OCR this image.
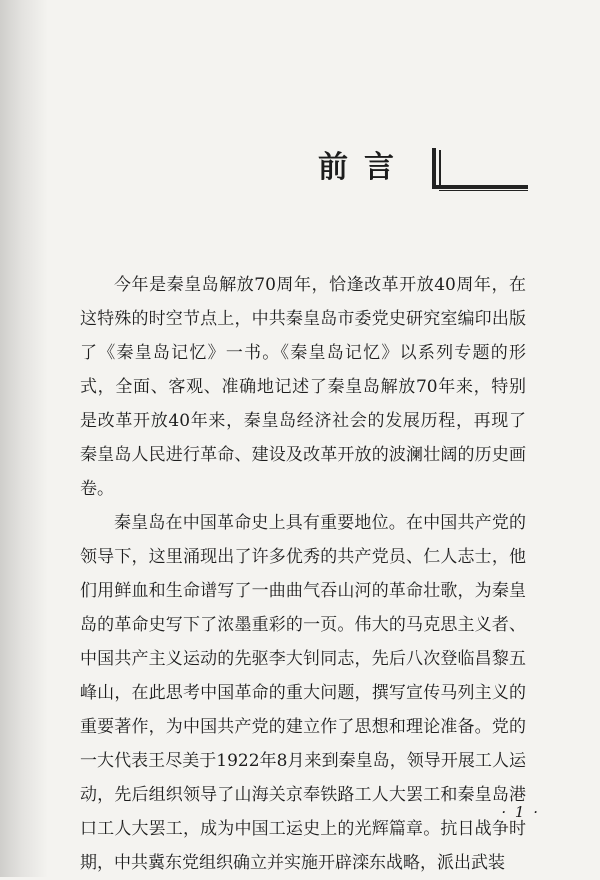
前言

今年是秦皇岛解放70周年，恰逢改革开放40周年，在这特殊的时空节点上，中共秦皇岛市委党史研究室编印出版了《秦皇岛记忆》一书。《秦皇岛记忆》以系列专题的形式，全面、客观、准确地记述了秦皇岛解放70年来，特别是改革开放40年来，秦皇岛经济社会的发展历程，再现了秦皇岛人民进行革命、建设及改革开放的波澜壮阔的历史画卷。

秦皇岛在中国革命史上具有重要地位。在中国共产党的领导下，这里涌现出了许多优秀的共产党员、仁人志士，他们用鲜血和生命谱写了一曲曲气吞山河的革命壮歌，为秦皇岛的革命史写下了浓墨重彩的一页。伟大的马克思主义者、中国共产主义运动的先驱李大钊同志，先后八次登临昌黎五峰山，在此思考中国革命的重大问题，撰写宣传马列主义的重要著作，为中国共产党的建立作了思想和理论准备。党的一大代表王尽美于1922年8月来到秦皇岛，领导开展工人运动，先后组织领导了山海关京奉铁路工人大罢工和秦皇岛港口工人大罢工，成为中国工运史上的光辉篇章。抗日战争时期，中共冀东党组织确立并实施开辟滦东战略，派出武装

· 1 ·
